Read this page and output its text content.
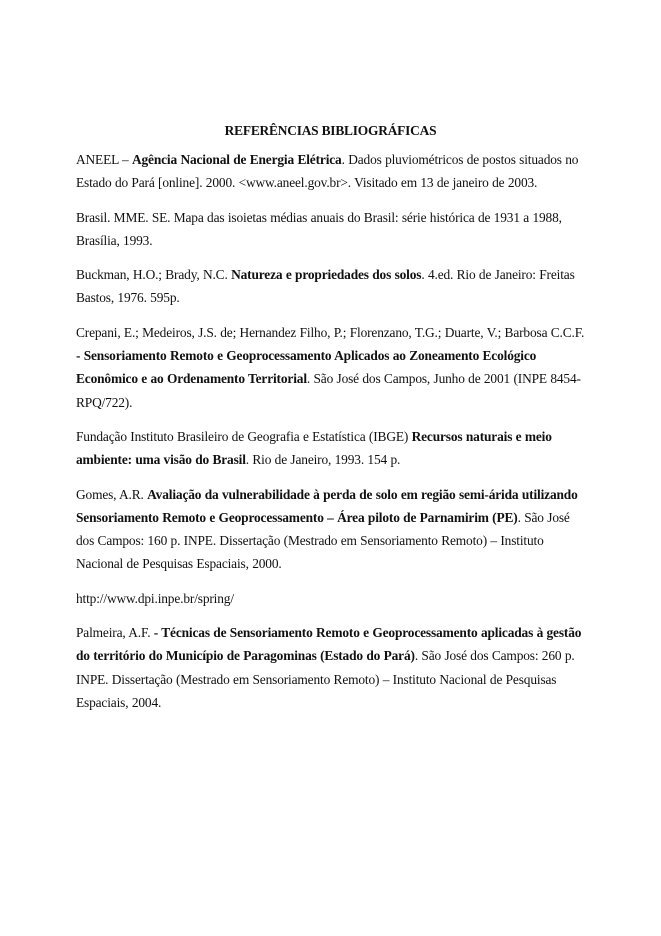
REFERÊNCIAS BIBLIOGRÁFICAS

ANEEL – Agência Nacional de Energia Elétrica. Dados pluviométricos de postos situados no Estado do Pará [online]. 2000. <www.aneel.gov.br>. Visitado em 13 de janeiro de 2003.

Brasil. MME. SE. Mapa das isoietas médias anuais do Brasil: série histórica de 1931 a 1988, Brasília, 1993.

Buckman, H.O.; Brady, N.C. Natureza e propriedades dos solos. 4.ed. Rio de Janeiro: Freitas Bastos, 1976. 595p.

Crepani, E.; Medeiros, J.S. de; Hernandez Filho, P.; Florenzano, T.G.; Duarte, V.; Barbosa C.C.F. - Sensoriamento Remoto e Geoprocessamento Aplicados ao Zoneamento Ecológico Econômico e ao Ordenamento Territorial. São José dos Campos, Junho de 2001 (INPE 8454-RPQ/722).

Fundação Instituto Brasileiro de Geografia e Estatística (IBGE) Recursos naturais e meio ambiente: uma visão do Brasil. Rio de Janeiro, 1993. 154 p.

Gomes, A.R. Avaliação da vulnerabilidade à perda de solo em região semi-árida utilizando Sensoriamento Remoto e Geoprocessamento – Área piloto de Parnamirim (PE). São José dos Campos: 160 p. INPE. Dissertação (Mestrado em Sensoriamento Remoto) – Instituto Nacional de Pesquisas Espaciais, 2000.

http://www.dpi.inpe.br/spring/

Palmeira, A.F. - Técnicas de Sensoriamento Remoto e Geoprocessamento aplicadas à gestão do território do Município de Paragominas (Estado do Pará). São José dos Campos: 260 p. INPE. Dissertação (Mestrado em Sensoriamento Remoto) – Instituto Nacional de Pesquisas Espaciais, 2004.
